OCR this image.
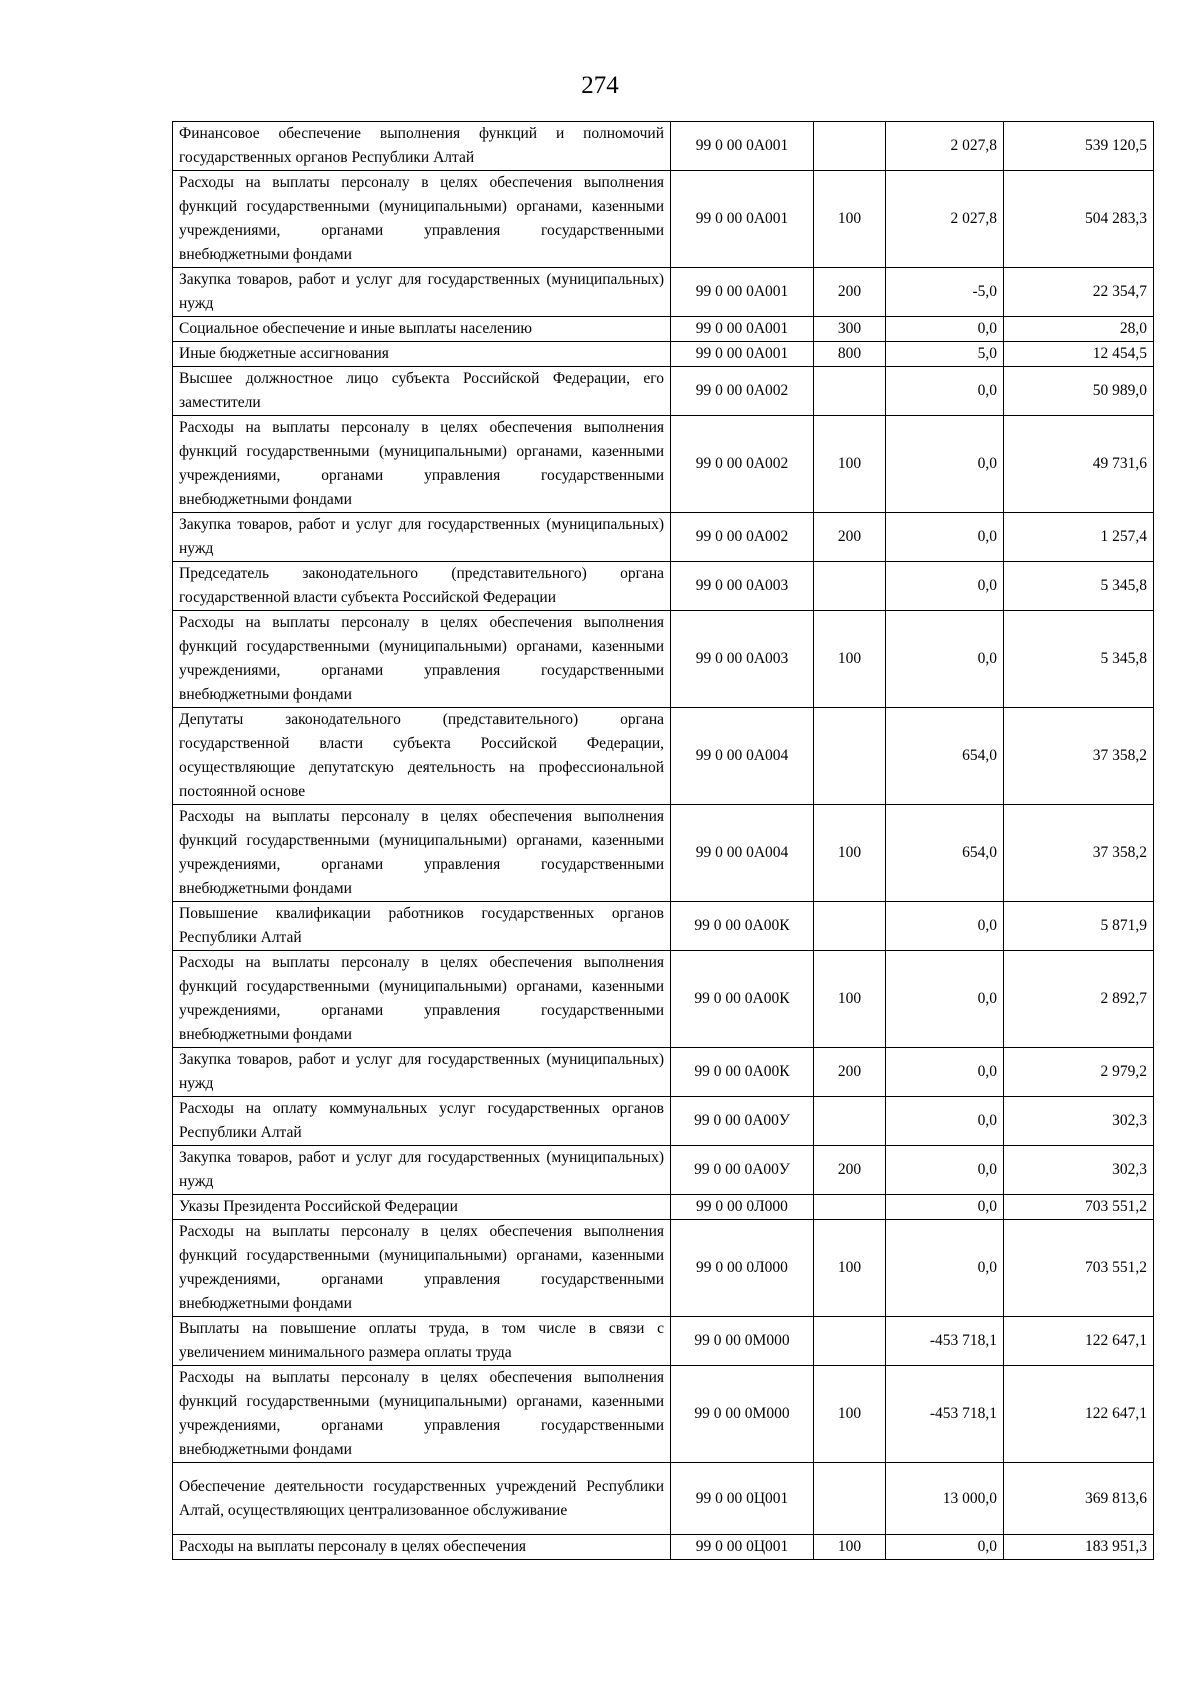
274
Финансовое обеспечение выполнения функций и полномочий государственных органов Республики Алтай	99 0 00 0А001		2 027,8	539 120,5
Расходы на выплаты персоналу в целях обеспечения выполнения функций государственными (муниципальными) органами, казенными учреждениями, органами управления государственными внебюджетными фондами	99 0 00 0А001	100	2 027,8	504 283,3
Закупка товаров, работ и услуг для государственных (муниципальных) нужд	99 0 00 0А001	200	-5,0	22 354,7
Социальное обеспечение и иные выплаты населению	99 0 00 0А001	300	0,0	28,0
Иные бюджетные ассигнования	99 0 00 0А001	800	5,0	12 454,5
Высшее должностное лицо субъекта Российской Федерации, его заместители	99 0 00 0А002		0,0	50 989,0
Расходы на выплаты персоналу в целях обеспечения выполнения функций государственными (муниципальными) органами, казенными учреждениями, органами управления государственными внебюджетными фондами	99 0 00 0А002	100	0,0	49 731,6
Закупка товаров, работ и услуг для государственных (муниципальных) нужд	99 0 00 0А002	200	0,0	1 257,4
Председатель законодательного (представительного) органа государственной власти субъекта Российской Федерации	99 0 00 0А003		0,0	5 345,8
Расходы на выплаты персоналу в целях обеспечения выполнения функций государственными (муниципальными) органами, казенными учреждениями, органами управления государственными внебюджетными фондами	99 0 00 0А003	100	0,0	5 345,8
Депутаты законодательного (представительного) органа государственной власти субъекта Российской Федерации, осуществляющие депутатскую деятельность на профессиональной постоянной основе	99 0 00 0А004		654,0	37 358,2
Расходы на выплаты персоналу в целях обеспечения выполнения функций государственными (муниципальными) органами, казенными учреждениями, органами управления государственными внебюджетными фондами	99 0 00 0А004	100	654,0	37 358,2
Повышение квалификации работников государственных органов Республики Алтай	99 0 00 0А00К		0,0	5 871,9
Расходы на выплаты персоналу в целях обеспечения выполнения функций государственными (муниципальными) органами, казенными учреждениями, органами управления государственными внебюджетными фондами	99 0 00 0А00К	100	0,0	2 892,7
Закупка товаров, работ и услуг для государственных (муниципальных) нужд	99 0 00 0А00К	200	0,0	2 979,2
Расходы на оплату коммунальных услуг государственных органов Республики Алтай	99 0 00 0А00У		0,0	302,3
Закупка товаров, работ и услуг для государственных (муниципальных) нужд	99 0 00 0А00У	200	0,0	302,3
Указы Президента Российской Федерации	99 0 00 0Л000		0,0	703 551,2
Расходы на выплаты персоналу в целях обеспечения выполнения функций государственными (муниципальными) органами, казенными учреждениями, органами управления государственными внебюджетными фондами	99 0 00 0Л000	100	0,0	703 551,2
Выплаты на повышение оплаты труда, в том числе в связи с увеличением минимального размера оплаты труда	99 0 00 0М000		-453 718,1	122 647,1
Расходы на выплаты персоналу в целях обеспечения выполнения функций государственными (муниципальными) органами, казенными учреждениями, органами управления государственными внебюджетными фондами	99 0 00 0М000	100	-453 718,1	122 647,1
Обеспечение деятельности государственных учреждений Республики Алтай, осуществляющих централизованное обслуживание	99 0 00 0Ц001		13 000,0	369 813,6
Расходы на выплаты персоналу в целях обеспечения	99 0 00 0Ц001	100	0,0	183 951,3
